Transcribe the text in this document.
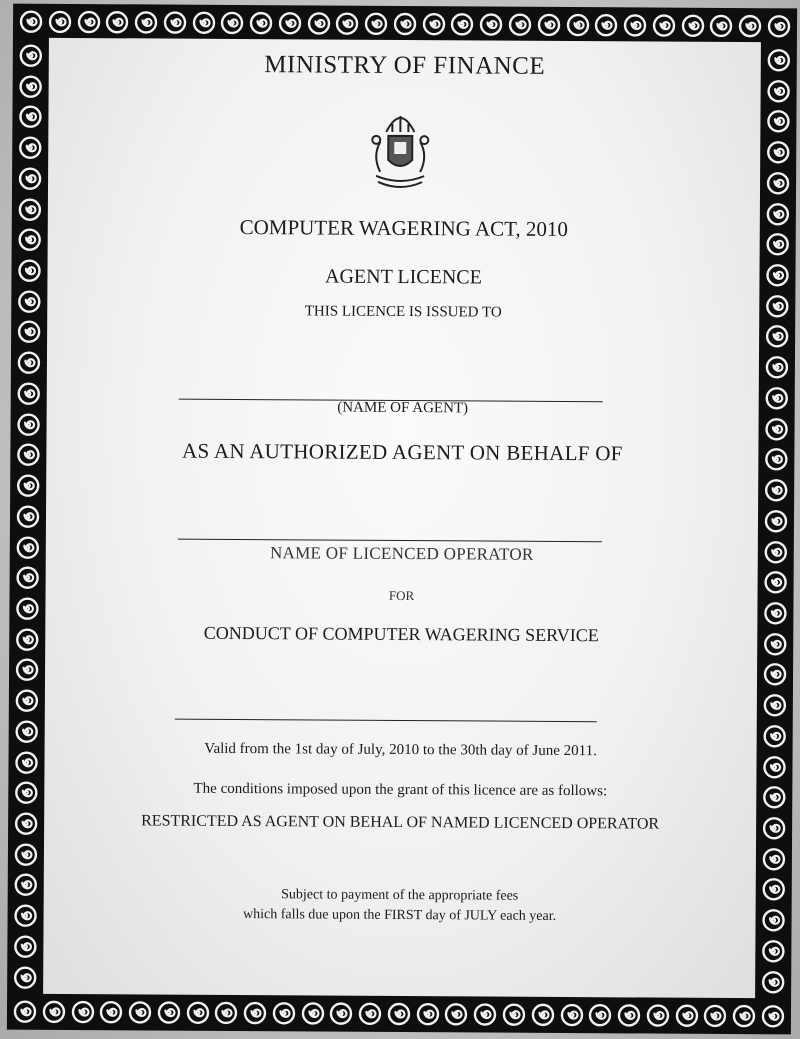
MINISTRY OF FINANCE
COMPUTER WAGERING ACT, 2010
AGENT LICENCE
THIS LICENCE IS ISSUED TO
(NAME OF AGENT)
AS AN AUTHORIZED AGENT ON BEHALF OF
NAME OF LICENCED OPERATOR
FOR
CONDUCT OF COMPUTER WAGERING SERVICE
Valid from the 1st day of July, 2010 to the 30th day of June 2011.
The conditions imposed upon the grant of this licence are as follows:
RESTRICTED AS AGENT ON BEHAL OF NAMED LICENCED OPERATOR
Subject to payment of the appropriate fees
which falls due upon the FIRST day of JULY each year.
